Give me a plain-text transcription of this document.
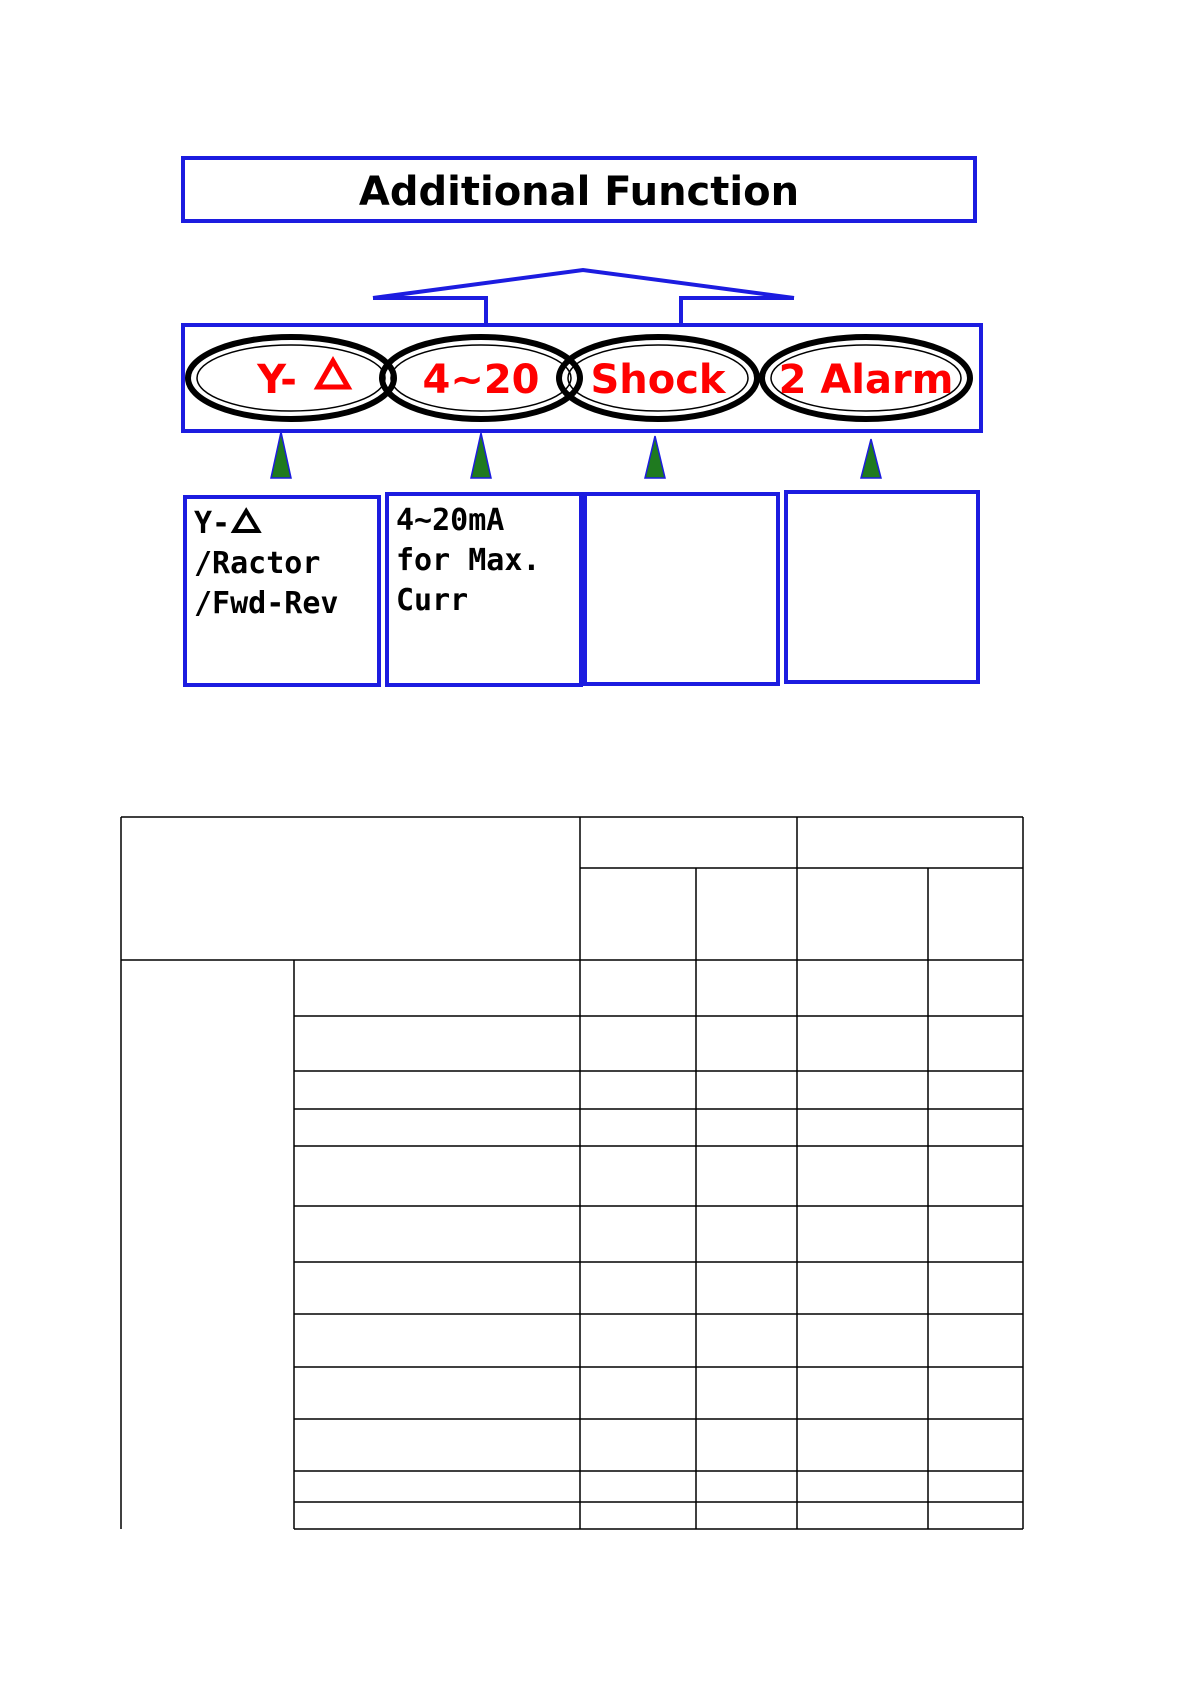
Additional Function
Y-	4~20 Shock 2 Alarm
Y-
/Ractor
/Fwd-Rev
4~20mA
for Max.
Curr
